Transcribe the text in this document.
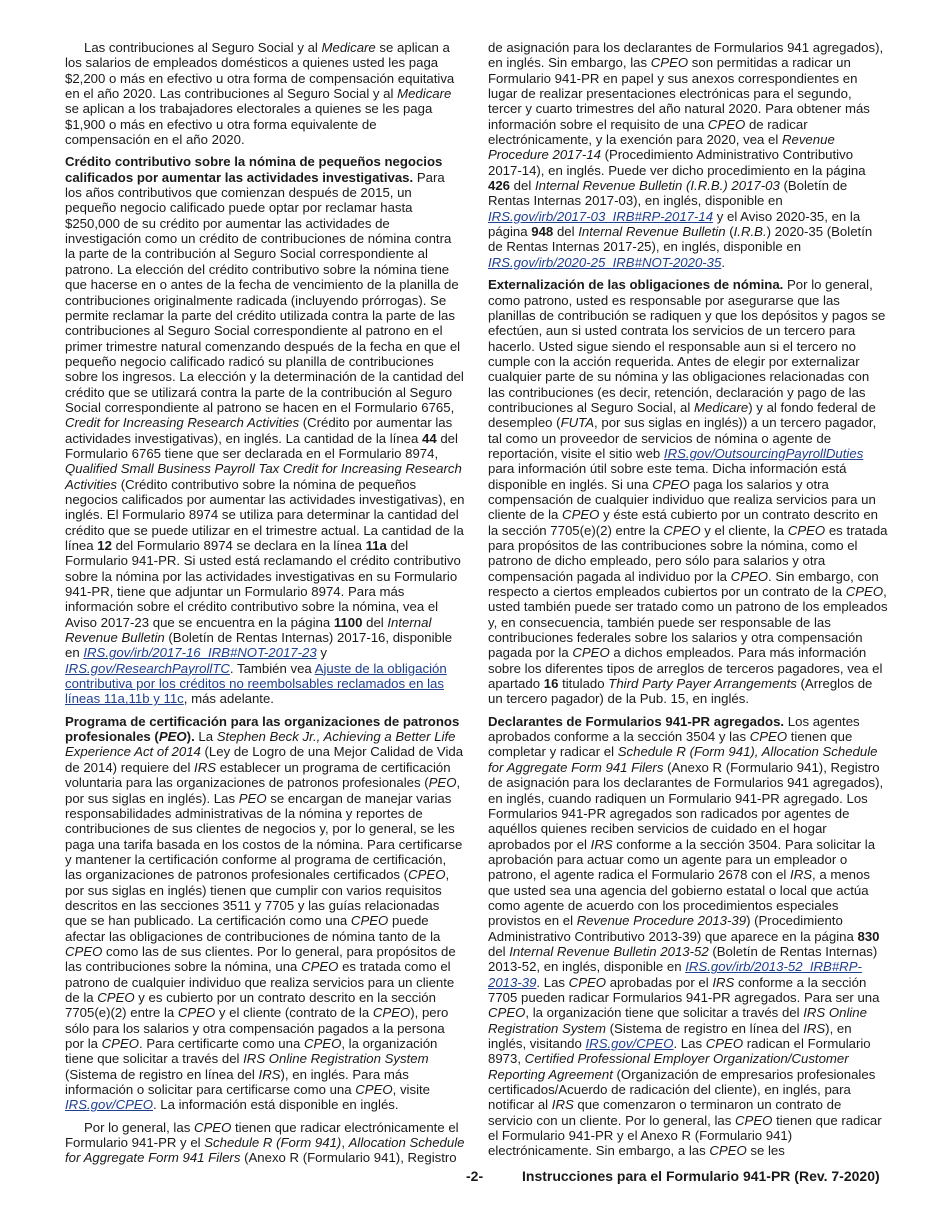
Las contribuciones al Seguro Social y al Medicare se aplican a los salarios de empleados domésticos a quienes usted les paga $2,200 o más en efectivo u otra forma de compensación equitativa en el año 2020. Las contribuciones al Seguro Social y al Medicare se aplican a los trabajadores electorales a quienes se les paga $1,900 o más en efectivo u otra forma equivalente de compensación en el año 2020.

Crédito contributivo sobre la nómina de pequeños negocios calificados por aumentar las actividades investigativas. Para los años contributivos que comienzan después de 2015, un pequeño negocio calificado puede optar por reclamar hasta $250,000 de su crédito por aumentar las actividades de investigación como un crédito de contribuciones de nómina contra la parte de la contribución al Seguro Social correspondiente al patrono. La elección del crédito contributivo sobre la nómina tiene que hacerse en o antes de la fecha de vencimiento de la planilla de contribuciones originalmente radicada (incluyendo prórrogas). Se permite reclamar la parte del crédito utilizada contra la parte de las contribuciones al Seguro Social correspondiente al patrono en el primer trimestre natural comenzando después de la fecha en que el pequeño negocio calificado radicó su planilla de contribuciones sobre los ingresos. La elección y la determinación de la cantidad del crédito que se utilizará contra la parte de la contribución al Seguro Social correspondiente al patrono se hacen en el Formulario 6765, Credit for Increasing Research Activities (Crédito por aumentar las actividades investigativas), en inglés. La cantidad de la línea 44 del Formulario 6765 tiene que ser declarada en el Formulario 8974, Qualified Small Business Payroll Tax Credit for Increasing Research Activities (Crédito contributivo sobre la nómina de pequeños negocios calificados por aumentar las actividades investigativas), en inglés. El Formulario 8974 se utiliza para determinar la cantidad del crédito que se puede utilizar en el trimestre actual. La cantidad de la línea 12 del Formulario 8974 se declara en la línea 11a del Formulario 941-PR. Si usted está reclamando el crédito contributivo sobre la nómina por las actividades investigativas en su Formulario 941-PR, tiene que adjuntar un Formulario 8974. Para más información sobre el crédito contributivo sobre la nómina, vea el Aviso 2017-23 que se encuentra en la página 1100 del Internal Revenue Bulletin (Boletín de Rentas Internas) 2017-16, disponible en IRS.gov/irb/2017-16_IRB#NOT-2017-23 y IRS.gov/ResearchPayrollTC. También vea Ajuste de la obligación contributiva por los créditos no reembolsables reclamados en las líneas 11a,11b y 11c, más adelante.

Programa de certificación para las organizaciones de patronos profesionales (PEO). La Stephen Beck Jr., Achieving a Better Life Experience Act of 2014 (Ley de Logro de una Mejor Calidad de Vida de 2014) requiere del IRS establecer un programa de certificación voluntaria para las organizaciones de patronos profesionales (PEO, por sus siglas en inglés). Las PEO se encargan de manejar varias responsabilidades administrativas de la nómina y reportes de contribuciones de sus clientes de negocios y, por lo general, se les paga una tarifa basada en los costos de la nómina. Para certificarse y mantener la certificación conforme al programa de certificación, las organizaciones de patronos profesionales certificados (CPEO, por sus siglas en inglés) tienen que cumplir con varios requisitos descritos en las secciones 3511 y 7705 y las guías relacionadas que se han publicado. La certificación como una CPEO puede afectar las obligaciones de contribuciones de nómina tanto de la CPEO como las de sus clientes. Por lo general, para propósitos de las contribuciones sobre la nómina, una CPEO es tratada como el patrono de cualquier individuo que realiza servicios para un cliente de la CPEO y es cubierto por un contrato descrito en la sección 7705(e)(2) entre la CPEO y el cliente (contrato de la CPEO), pero sólo para los salarios y otra compensación pagados a la persona por la CPEO. Para certificarte como una CPEO, la organización tiene que solicitar a través del IRS Online Registration System (Sistema de registro en línea del IRS), en inglés. Para más información o solicitar para certificarse como una CPEO, visite IRS.gov/CPEO. La información está disponible en inglés.

Por lo general, las CPEO tienen que radicar electrónicamente el Formulario 941-PR y el Schedule R (Form 941), Allocation Schedule for Aggregate Form 941 Filers (Anexo R (Formulario 941), Registro

de asignación para los declarantes de Formularios 941 agregados), en inglés. Sin embargo, las CPEO son permitidas a radicar un Formulario 941-PR en papel y sus anexos correspondientes en lugar de realizar presentaciones electrónicas para el segundo, tercer y cuarto trimestres del año natural 2020. Para obtener más información sobre el requisito de una CPEO de radicar electrónicamente, y la exención para 2020, vea el Revenue Procedure 2017-14 (Procedimiento Administrativo Contributivo 2017-14), en inglés. Puede ver dicho procedimiento en la página 426 del Internal Revenue Bulletin (I.R.B.) 2017-03 (Boletín de Rentas Internas 2017-03), en inglés, disponible en IRS.gov/irb/2017-03_IRB#RP-2017-14 y el Aviso 2020-35, en la página 948 del Internal Revenue Bulletin (I.R.B.) 2020-35 (Boletín de Rentas Internas 2017-25), en inglés, disponible en IRS.gov/irb/2020-25_IRB#NOT-2020-35.

Externalización de las obligaciones de nómina. Por lo general, como patrono, usted es responsable por asegurarse que las planillas de contribución se radiquen y que los depósitos y pagos se efectúen, aun si usted contrata los servicios de un tercero para hacerlo. Usted sigue siendo el responsable aun si el tercero no cumple con la acción requerida. Antes de elegir por externalizar cualquier parte de su nómina y las obligaciones relacionadas con las contribuciones (es decir, retención, declaración y pago de las contribuciones al Seguro Social, al Medicare) y al fondo federal de desempleo (FUTA, por sus siglas en inglés)) a un tercero pagador, tal como un proveedor de servicios de nómina o agente de reportación, visite el sitio web IRS.gov/OutsourcingPayrollDuties para información útil sobre este tema. Dicha información está disponible en inglés. Si una CPEO paga los salarios y otra compensación de cualquier individuo que realiza servicios para un cliente de la CPEO y éste está cubierto por un contrato descrito en la sección 7705(e)(2) entre la CPEO y el cliente, la CPEO es tratada para propósitos de las contribuciones sobre la nómina, como el patrono de dicho empleado, pero sólo para salarios y otra compensación pagada al individuo por la CPEO. Sin embargo, con respecto a ciertos empleados cubiertos por un contrato de la CPEO, usted también puede ser tratado como un patrono de los empleados y, en consecuencia, también puede ser responsable de las contribuciones federales sobre los salarios y otra compensación pagada por la CPEO a dichos empleados. Para más información sobre los diferentes tipos de arreglos de terceros pagadores, vea el apartado 16 titulado Third Party Payer Arrangements (Arreglos de un tercero pagador) de la Pub. 15, en inglés.

Declarantes de Formularios 941-PR agregados. Los agentes aprobados conforme a la sección 3504 y las CPEO tienen que completar y radicar el Schedule R (Form 941), Allocation Schedule for Aggregate Form 941 Filers (Anexo R (Formulario 941), Registro de asignación para los declarantes de Formularios 941 agregados), en inglés, cuando radiquen un Formulario 941-PR agregado. Los Formularios 941-PR agregados son radicados por agentes de aquéllos quienes reciben servicios de cuidado en el hogar aprobados por el IRS conforme a la sección 3504. Para solicitar la aprobación para actuar como un agente para un empleador o patrono, el agente radica el Formulario 2678 con el IRS, a menos que usted sea una agencia del gobierno estatal o local que actúa como agente de acuerdo con los procedimientos especiales provistos en el Revenue Procedure 2013-39) (Procedimiento Administrativo Contributivo 2013-39) que aparece en la página 830 del Internal Revenue Bulletin 2013-52 (Boletín de Rentas Internas) 2013-52, en inglés, disponible en IRS.gov/irb/2013-52_IRB#RP-2013-39. Las CPEO aprobadas por el IRS conforme a la sección 7705 pueden radicar Formularios 941-PR agregados. Para ser una CPEO, la organización tiene que solicitar a través del IRS Online Registration System (Sistema de registro en línea del IRS), en inglés, visitando IRS.gov/CPEO. Las CPEO radican el Formulario 8973, Certified Professional Employer Organization/Customer Reporting Agreement (Organización de empresarios profesionales certificados/Acuerdo de radicación del cliente), en inglés, para notificar al IRS que comenzaron o terminaron un contrato de servicio con un cliente. Por lo general, las CPEO tienen que radicar el Formulario 941-PR y el Anexo R (Formulario 941) electrónicamente. Sin embargo, a las CPEO se les

-2-	Instrucciones para el Formulario 941-PR (Rev. 7-2020)
